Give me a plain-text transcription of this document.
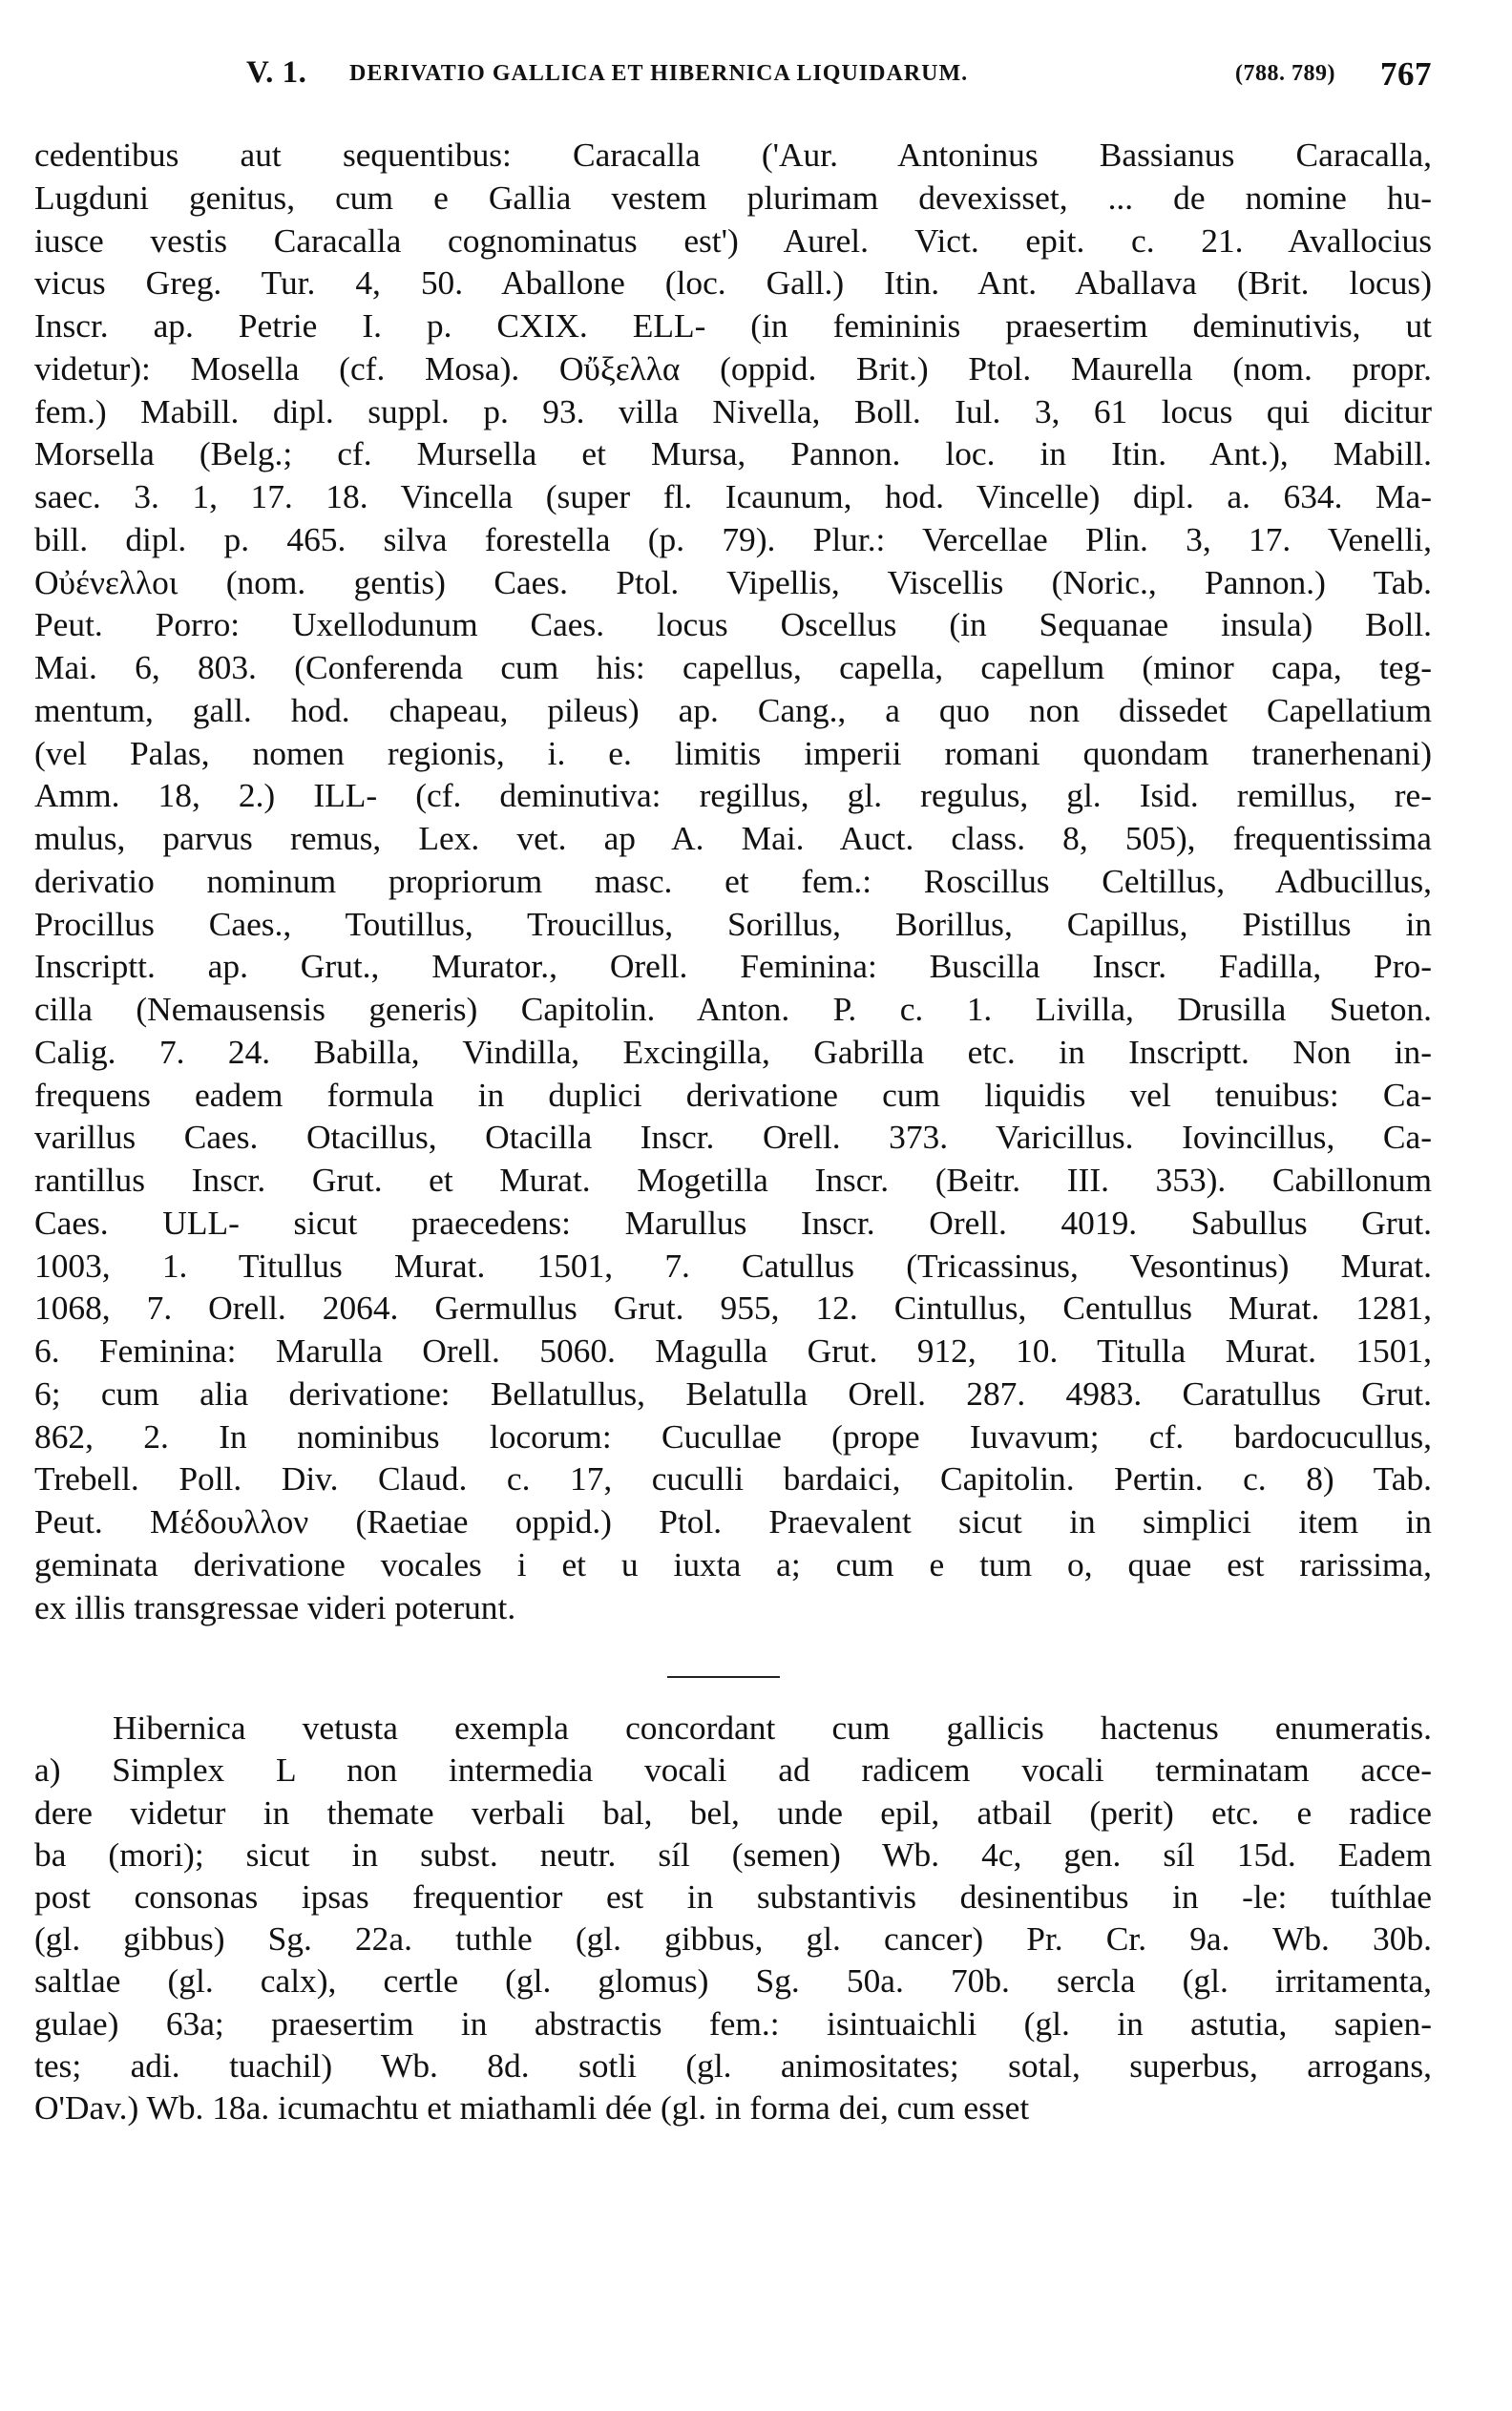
V. 1. DERIVATIO GALLICA ET HIBERNICA LIQUIDARUM.	(788. 789) 767
cedentibus aut sequentibus: Caracalla ('Aur. Antoninus Bassianus Caracalla,
Lugduni genitus, cum e Gallia vestem plurimam devexisset, ... de nomine hu-
iusce vestis Caracalla cognominatus est') Aurel. Vict. epit. c. 21. Avallocius
vicus Greg. Tur. 4, 50. Aballone (loc. Gall.) Itin. Ant. Aballava (Brit. locus)
Inscr. ap. Petrie I. p. CXIX. ELL- (in femininis praesertim deminutivis, ut
videtur): Mosella (cf. Mosa). Οὔξελλα (oppid. Brit.) Ptol. Maurella (nom. propr.
fem.) Mabill. dipl. suppl. p. 93. villa Nivella, Boll. Iul. 3, 61 locus qui dicitur
Morsella (Belg.; cf. Mursella et Mursa, Pannon. loc. in Itin. Ant.), Mabill.
saec. 3. 1, 17. 18. Vincella (super fl. Icaunum, hod. Vincelle) dipl. a. 634. Ma-
bill. dipl. p. 465. silva forestella (p. 79). Plur.: Vercellae Plin. 3, 17. Venelli,
Οὐένελλοι (nom. gentis) Caes. Ptol. Vipellis, Viscellis (Noric., Pannon.) Tab.
Peut. Porro: Uxellodunum Caes. locus Oscellus (in Sequanae insula) Boll.
Mai. 6, 803. (Conferenda cum his: capellus, capella, capellum (minor capa, teg-
mentum, gall. hod. chapeau, pileus) ap. Cang., a quo non dissedet Capellatium
(vel Palas, nomen regionis, i. e. limitis imperii romani quondam tranerhenani)
Amm. 18, 2.) ILL- (cf. deminutiva: regillus, gl. regulus, gl. Isid. remillus, re-
mulus, parvus remus, Lex. vet. ap A. Mai. Auct. class. 8, 505), frequentissima
derivatio nominum propriorum masc. et fem.: Roscillus Celtillus, Adbucillus,
Procillus Caes., Toutillus, Troucillus, Sorillus, Borillus, Capillus, Pistillus in
Inscriptt. ap. Grut., Murator., Orell. Feminina: Buscilla Inscr. Fadilla, Pro-
cilla (Nemausensis generis) Capitolin. Anton. P. c. 1. Livilla, Drusilla Sueton.
Calig. 7. 24. Babilla, Vindilla, Excingilla, Gabrilla etc. in Inscriptt. Non in-
frequens eadem formula in duplici derivatione cum liquidis vel tenuibus: Ca-
varillus Caes. Otacillus, Otacilla Inscr. Orell. 373. Varicillus. Iovincillus, Ca-
rantillus Inscr. Grut. et Murat. Mogetilla Inscr. (Beitr. III. 353). Cabillonum
Caes. ULL- sicut praecedens: Marullus Inscr. Orell. 4019. Sabullus Grut.
1003, 1. Titullus Murat. 1501, 7. Catullus (Tricassinus, Vesontinus) Murat.
1068, 7. Orell. 2064. Germullus Grut. 955, 12. Cintullus, Centullus Murat. 1281,
6. Feminina: Marulla Orell. 5060. Magulla Grut. 912, 10. Titulla Murat. 1501,
6; cum alia derivatione: Bellatullus, Belatulla Orell. 287. 4983. Caratullus Grut.
862, 2. In nominibus locorum: Cucullae (prope Iuvavum; cf. bardocucullus,
Trebell. Poll. Div. Claud. c. 17, cuculli bardaici, Capitolin. Pertin. c. 8) Tab.
Peut. Μέδουλλον (Raetiae oppid.) Ptol. Praevalent sicut in simplici item in
geminata derivatione vocales i et u iuxta a; cum e tum o, quae est rarissima,
ex illis transgressae videri poterunt.
Hibernica vetusta exempla concordant cum gallicis hactenus enumeratis.
a) Simplex L non intermedia vocali ad radicem vocali terminatam acce-
dere videtur in themate verbali bal, bel, unde epil, atbail (perit) etc. e radice
ba (mori); sicut in subst. neutr. síl (semen) Wb. 4c, gen. síl 15d. Eadem
post consonas ipsas frequentior est in substantivis desinentibus in -le: tuíthlae
(gl. gibbus) Sg. 22a. tuthle (gl. gibbus, gl. cancer) Pr. Cr. 9a. Wb. 30b.
saltlae (gl. calx), certle (gl. glomus) Sg. 50a. 70b. sercla (gl. irritamenta,
gulae) 63a; praesertim in abstractis fem.: isintuaichli (gl. in astutia, sapien-
tes; adi. tuachil) Wb. 8d. sotli (gl. animositates; sotal, superbus, arrogans,
O'Dav.) Wb. 18a. icumachtu et miathamli dée (gl. in forma dei, cum esset
